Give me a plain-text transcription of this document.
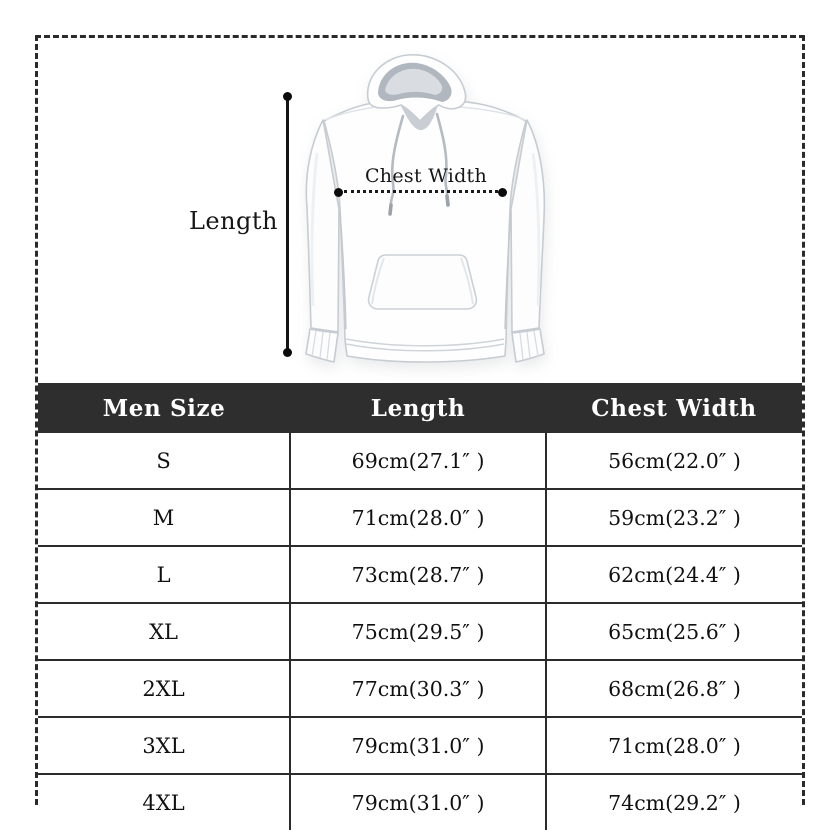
Length
Chest Width
Men Size	Length	Chest Width
S	69cm(27.1″ )	56cm(22.0″ )
M	71cm(28.0″ )	59cm(23.2″ )
L	73cm(28.7″ )	62cm(24.4″ )
XL	75cm(29.5″ )	65cm(25.6″ )
2XL	77cm(30.3″ )	68cm(26.8″ )
3XL	79cm(31.0″ )	71cm(28.0″ )
4XL	79cm(31.0″ )	74cm(29.2″ )
